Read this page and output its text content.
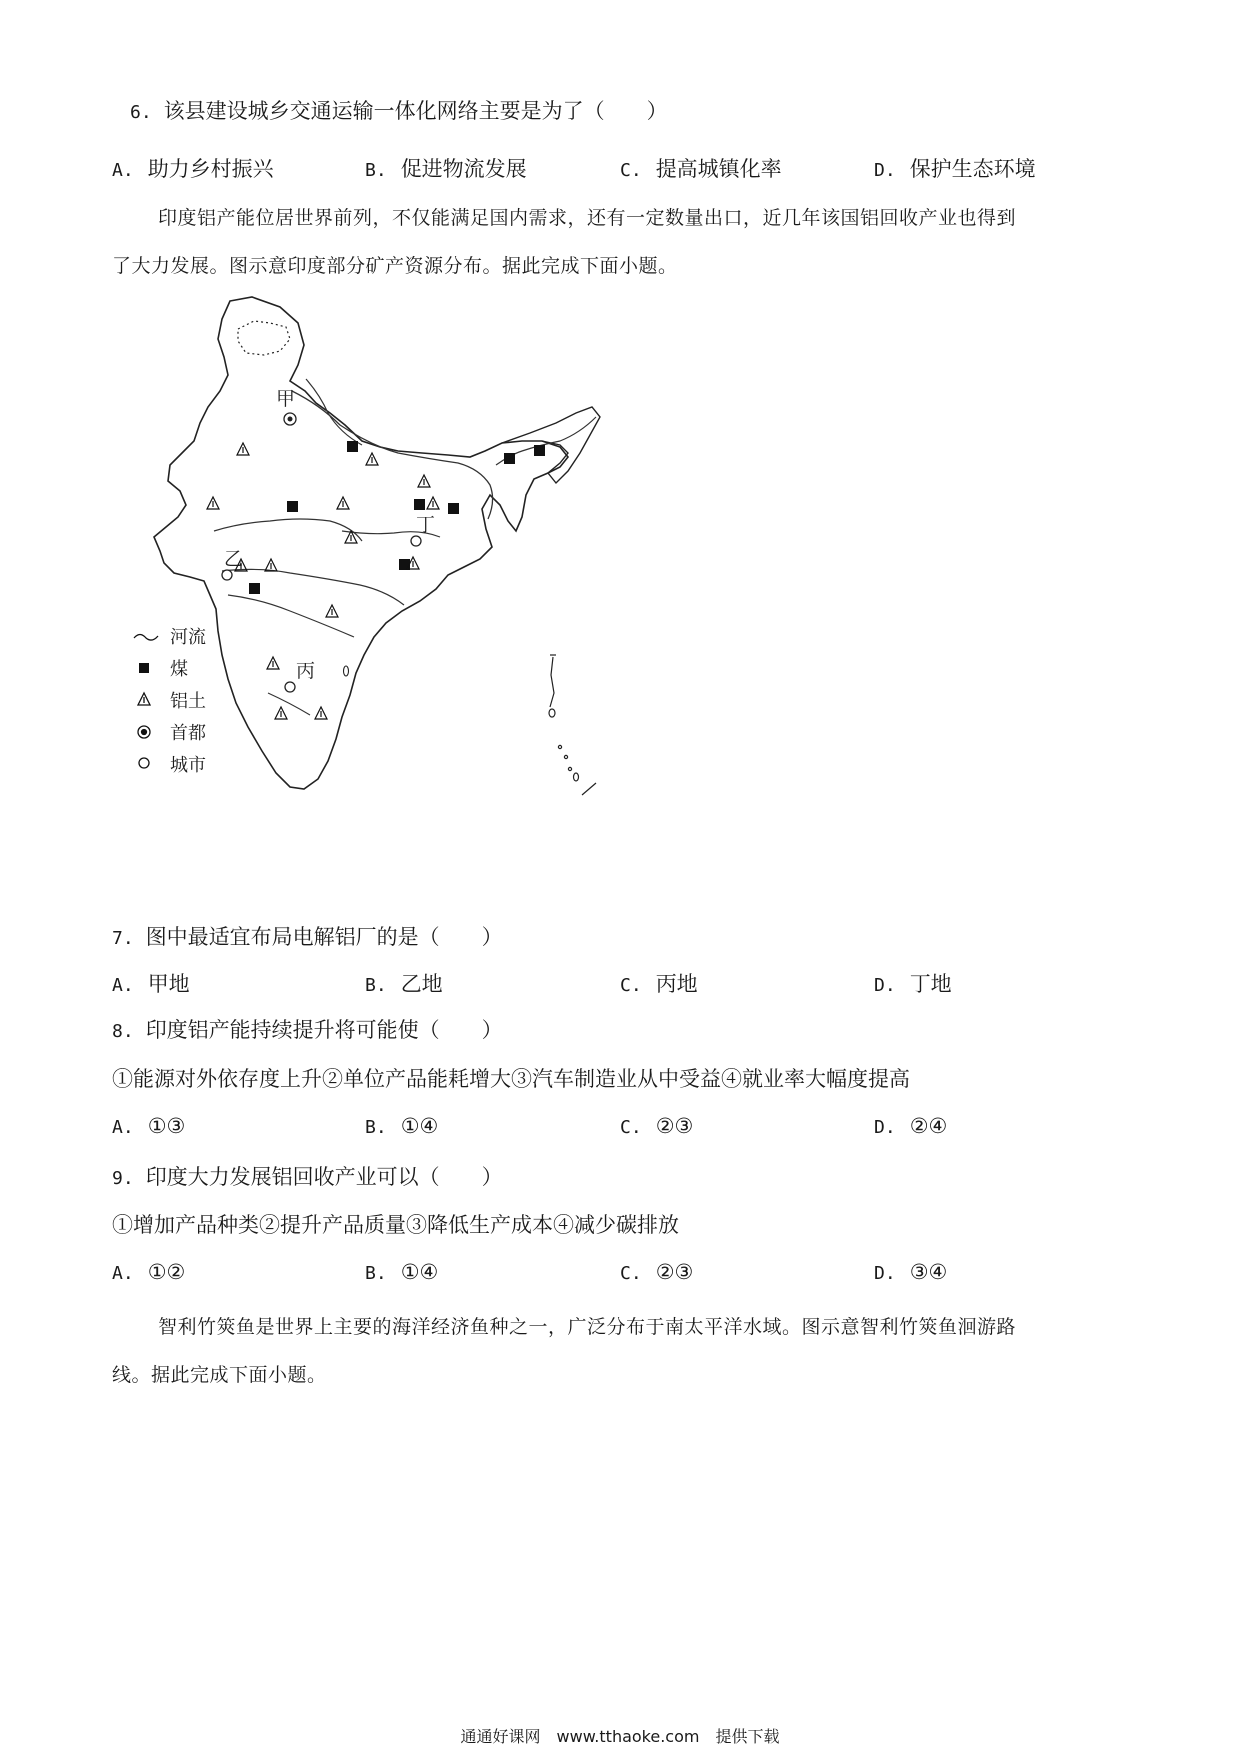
6. 该县建设城乡交通运输一体化网络主要是为了（　　）
A. 助力乡村振兴	B. 促进物流发展	C. 提高城镇化率	D. 保护生态环境
印度铝产能位居世界前列，不仅能满足国内需求，还有一定数量出口，近几年该国铝回收产业也得到
了大力发展。图示意印度部分矿产资源分布。据此完成下面小题。
甲
乙
丙
丁
河流
煤
铝土
首都
城市
7. 图中最适宜布局电解铝厂的是（　　）
A. 甲地	B. 乙地	C. 丙地	D. 丁地
8. 印度铝产能持续提升将可能使（　　）
①能源对外依存度上升②单位产品能耗增大③汽车制造业从中受益④就业率大幅度提高
A. ①③	B. ①④	C. ②③	D. ②④
9. 印度大力发展铝回收产业可以（　　）
①增加产品种类②提升产品质量③降低生产成本④减少碳排放
A. ①②	B. ①④	C. ②③	D. ③④
智利竹筴鱼是世界上主要的海洋经济鱼种之一，广泛分布于南太平洋水域。图示意智利竹筴鱼洄游路
线。据此完成下面小题。
通通好课网　www.tthaoke.com　提供下载
